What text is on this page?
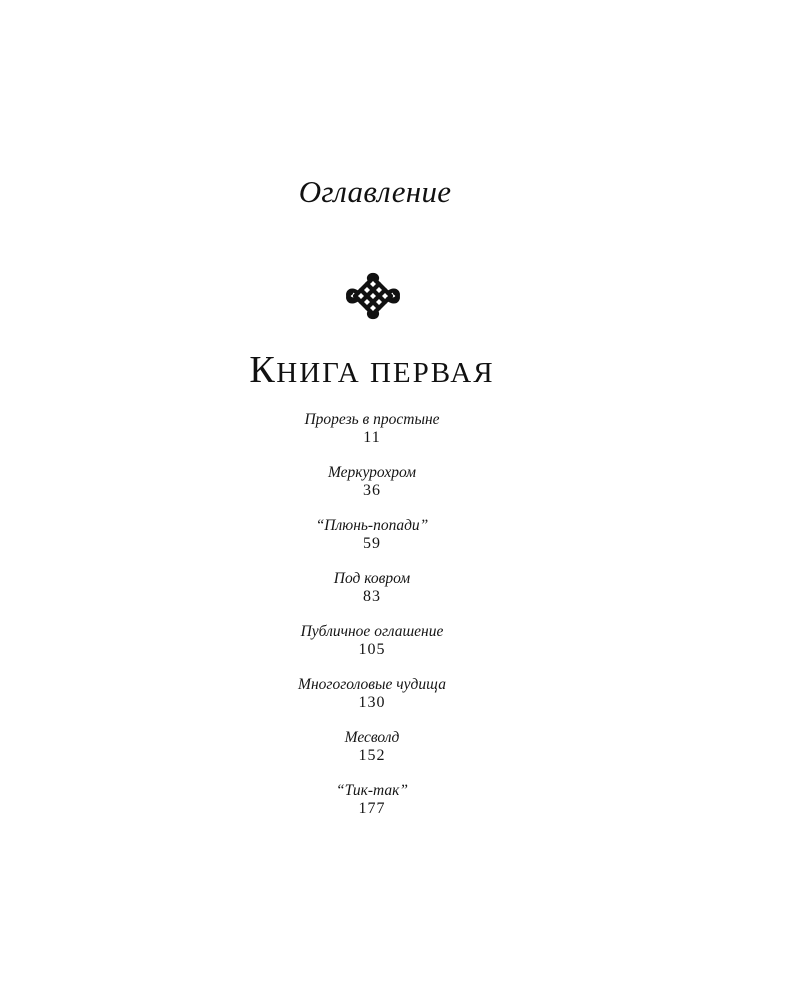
Оглавление
КНИГА ПЕРВАЯ
Прорезь в простыне
11
Меркурохром
36
“Плюнь-попади”
59
Под ковром
83
Публичное оглашение
105
Многоголовые чудища
130
Месволд
152
“Тик-так”
177
